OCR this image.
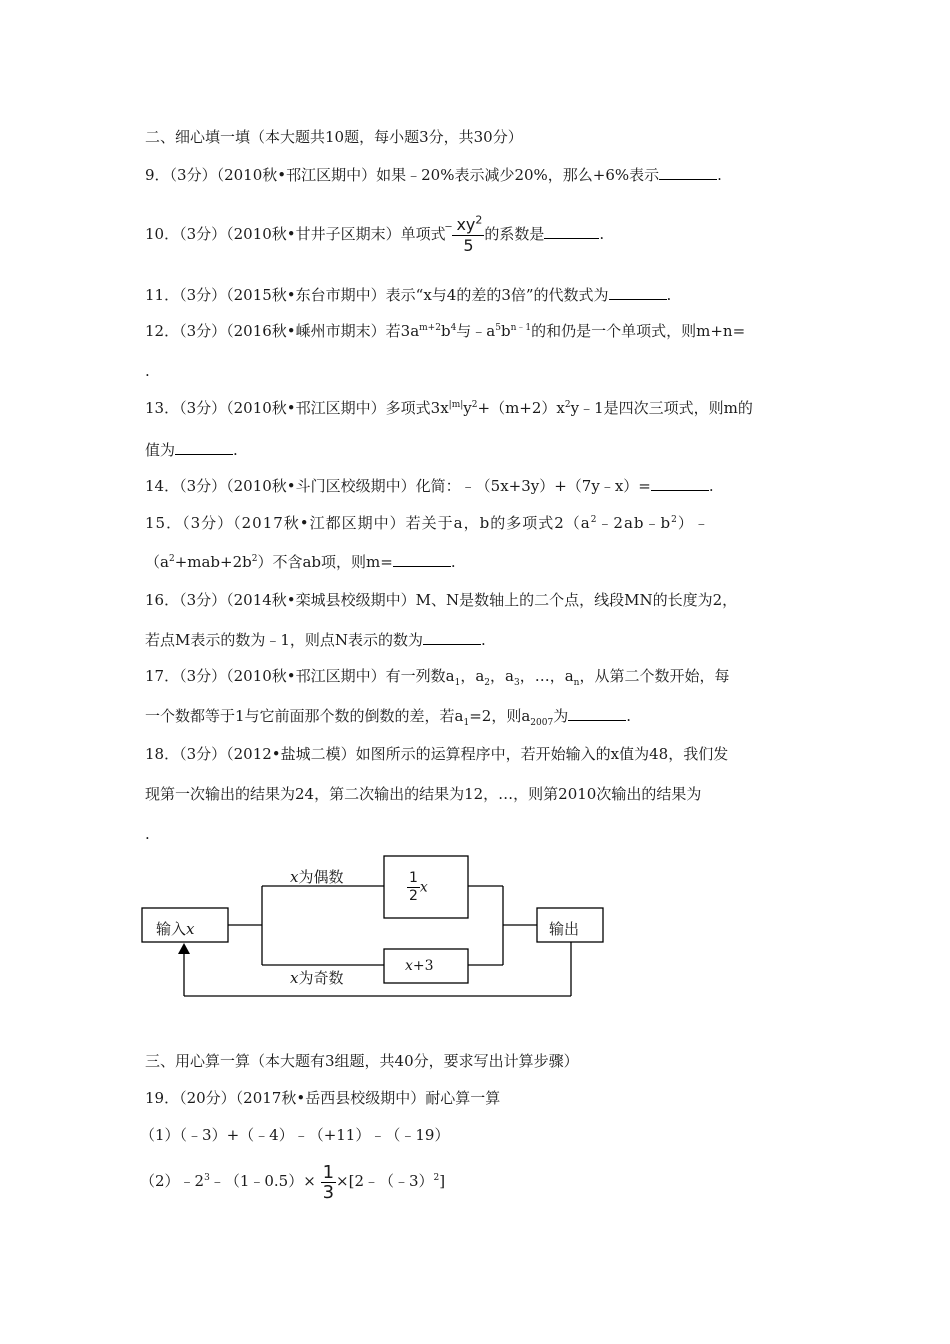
二、细心填一填（本大题共10题，每小题3分，共30分）
9．（3分）（2010秋•邗江区期中）如果﹣20%表示减少20%，那么+6%表示	.
10．（3分）（2010秋•甘井子区期末）单项式 $\frac{﹣xy^2}{5}$ 的系数是	.
11．（3分）（2015秋•东台市期中）表示“x与4的差的3倍”的代数式为	.
12．（3分）（2016秋•嵊州市期末）若$3a^{m+2}b^4$与$﹣a^5b^{n﹣1}$的和仍是一个单项式，则m+n=
.
13．（3分）（2010秋•邗江区期中）多项式$3x^{|m|}y^2+(m+2)x^2y﹣1$是四次三项式，则m的
值为	.
14．（3分）（2010秋•斗门区校级期中）化简：﹣（5x+3y）+（7y﹣x）=	.
15．（3分）（2017秋•江都区期中）若关于a，b的多项式$2(a^2﹣2ab﹣b^2)﹣$
$(a^2+mab+2b^2)$不含ab项，则m=	.
16．（3分）（2014秋•栾城县校级期中）M、N是数轴上的二个点，线段MN的长度为2，
若点M表示的数为﹣1，则点N表示的数为	.
17．（3分）（2010秋•邗江区期中）有一列数$a_1$，$a_2$，$a_3$，…，$a_n$，从第二个数开始，每
一个数都等于1与它前面那个数的倒数的差，若$a_1=2$，则$a_{2007}$为	.
18．（3分）（2012•盐城二模）如图所示的运算程序中，若开始输入的x值为48，我们发
现第一次输出的结果为24，第二次输出的结果为12，…，则第2010次输出的结果为
.
输入x	输出
x为偶数
x为奇数
$\frac{1}{2}$ x
x+3
三、用心算一算（本大题有3组题，共40分，要求写出计算步骤）
19．（20分）（2017秋•岳西县校级期中）耐心算一算
（1）（﹣3）+（﹣4）﹣（+11）﹣（﹣19）
$(2)﹣2^3﹣(1﹣0.5)\times \frac{1}{3}$ ×[2﹣（﹣3）$^2$]
